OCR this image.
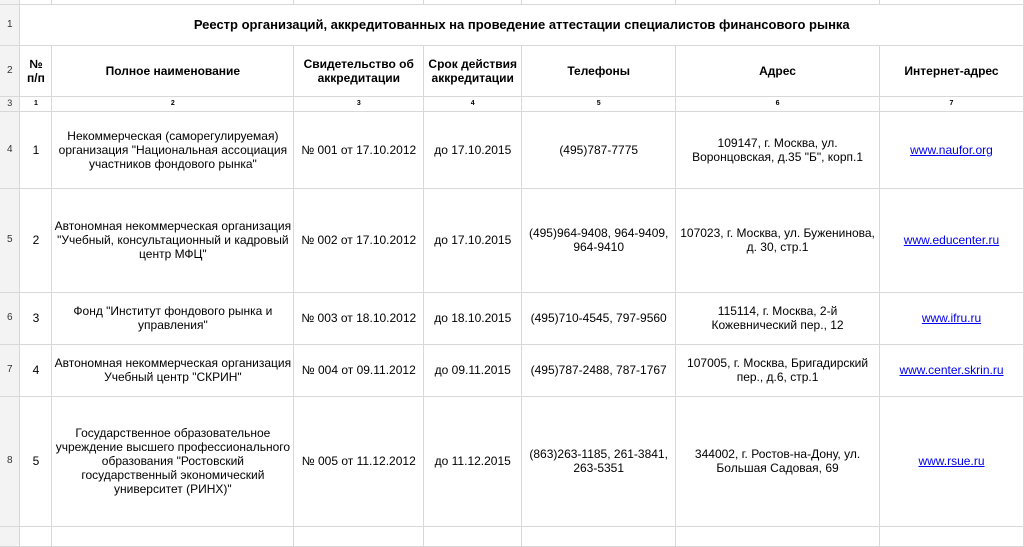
1	Реестр организаций, аккредитованных на проведение аттестации специалистов финансового рынка						
2	№ п/п	Полное наименование	Свидетельство об аккредитации	Срок действия аккредитации	Телефоны	Адрес	Интернет-адрес
3	1	2	3	4	5	6	7
4	1	Некоммерческая (саморегулируемая) организация "Национальная ассоциация участников фондового рынка"	№ 001 от 17.10.2012	до 17.10.2015	(495)787-7775	109147, г. Москва, ул. Воронцовская, д.35 "Б", корп.1	www.naufor.org
5	2	Автономная некоммерческая организация "Учебный, консультационный и кадровый центр МФЦ"	№ 002 от 17.10.2012	до 17.10.2015	(495)964-9408, 964-9409, 964-9410	107023, г. Москва, ул. Буженинова, д. 30, стр.1	www.educenter.ru
6	3	Фонд "Институт фондового рынка и управления"	№ 003 от 18.10.2012	до 18.10.2015	(495)710-4545, 797-9560	115114, г. Москва, 2-й Кожевнический пер., 12	www.ifru.ru
7	4	Автономная некоммерческая организация Учебный центр "СКРИН"	№ 004 от 09.11.2012	до 09.11.2015	(495)787-2488, 787-1767	107005, г. Москва, Бригадирский пер., д.6, стр.1	www.center.skrin.ru
8	5	Государственное образовательное учреждение высшего профессионального образования "Ростовский государственный экономический университет (РИНХ)"	№ 005 от 11.12.2012	до 11.12.2015	(863)263-1185, 261-3841, 263-5351	344002, г. Ростов-на-Дону, ул. Большая Садовая, 69	www.rsue.ru
